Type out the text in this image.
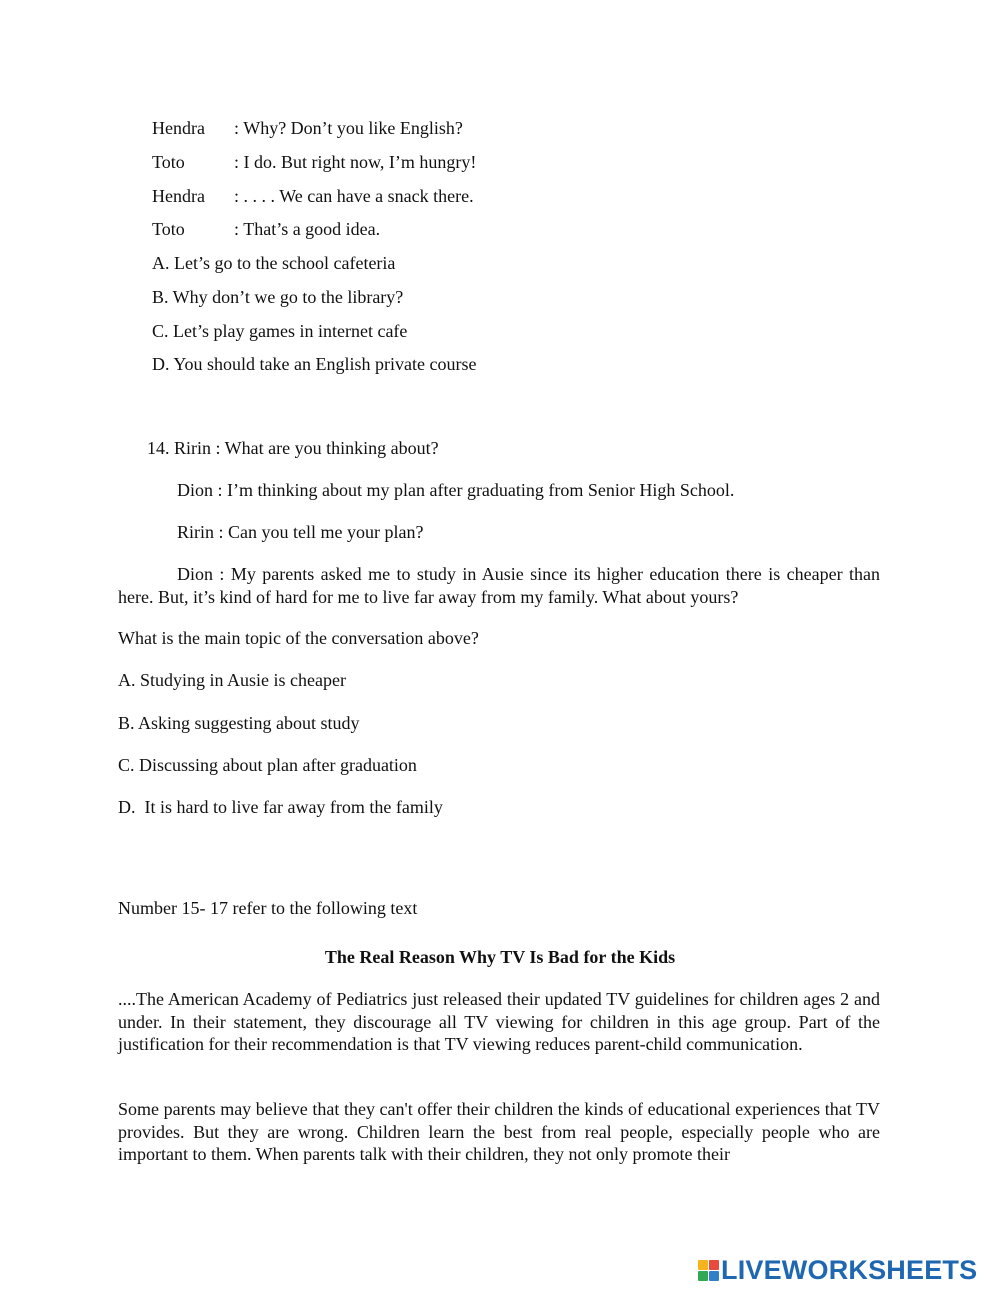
Hendra : Why? Don’t you like English?
Toto	: I do. But right now, I’m hungry!
Hendra : . . . . We can have a snack there.
Toto	: That’s a good idea.
A. Let’s go to the school cafeteria
B. Why don’t we go to the library?
C. Let’s play games in internet cafe
D. You should take an English private course
14. Ririn : What are you thinking about?
Dion : I’m thinking about my plan after graduating from Senior High School.
Ririn : Can you tell me your plan?
Dion : My parents asked me to study in Ausie since its higher education there is cheaper than here. But, it’s kind of hard for me to live far away from my family. What about yours?
What is the main topic of the conversation above?
A. Studying in Ausie is cheaper
B. Asking suggesting about study
C. Discussing about plan after graduation
D.  It is hard to live far away from the family
Number 15- 17 refer to the following text
The Real Reason Why TV Is Bad for the Kids
....The American Academy of Pediatrics just released their updated TV guidelines for children ages 2 and under. In their statement, they discourage all TV viewing for children in this age group. Part of the justification for their recommendation is that TV viewing reduces parent-child communication.
Some parents may believe that they can't offer their children the kinds of educational experiences that TV provides. But they are wrong. Children learn the best from real people, especially people who are important to them. When parents talk with their children, they not only promote their
LIVEWORKSHEETS
